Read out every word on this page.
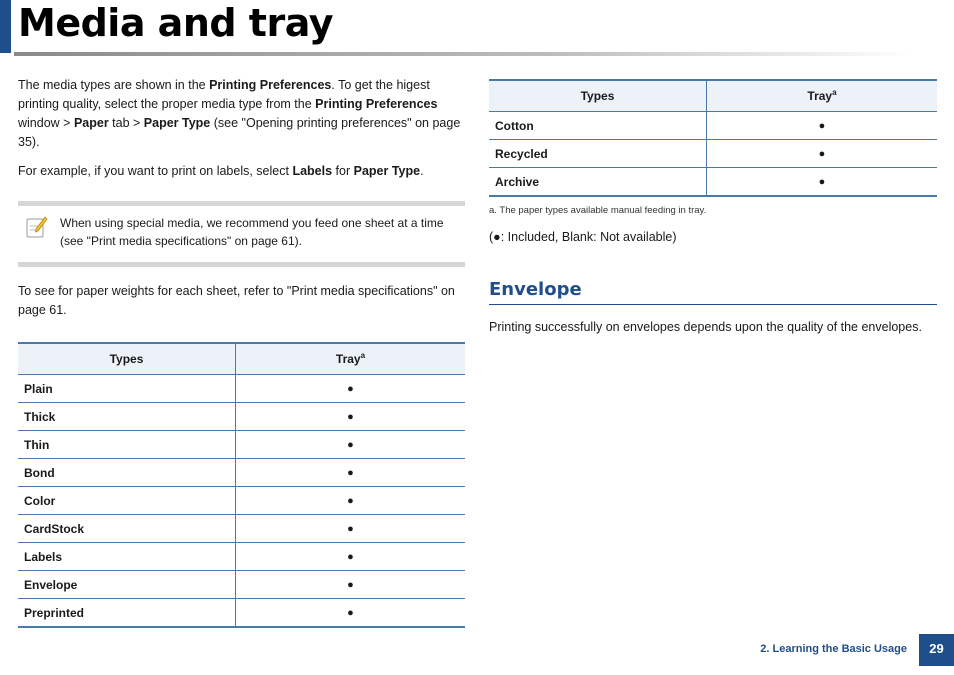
Media and tray

The media types are shown in the Printing Preferences. To get the higest printing quality, select the proper media type from the Printing Preferences window > Paper tab > Paper Type (see "Opening printing preferences" on page 35).

For example, if you want to print on labels, select Labels for Paper Type.

When using special media, we recommend you feed one sheet at a time (see "Print media specifications" on page 61).

To see for paper weights for each sheet, refer to "Print media specifications" on page 61.

Types	Tray$^a$
Plain	●
Thick	●
Thin	●
Bond	●
Color	●
CardStock	●
Labels	●
Envelope	●
Preprinted	●
Types	Tray$^a$
Cotton	●
Recycled	●
Archive	●

a. The paper types available manual feeding in tray.

(●: Included, Blank: Not available)

Envelope

Printing successfully on envelopes depends upon the quality of the envelopes.

2. Learning the Basic Usage	29
